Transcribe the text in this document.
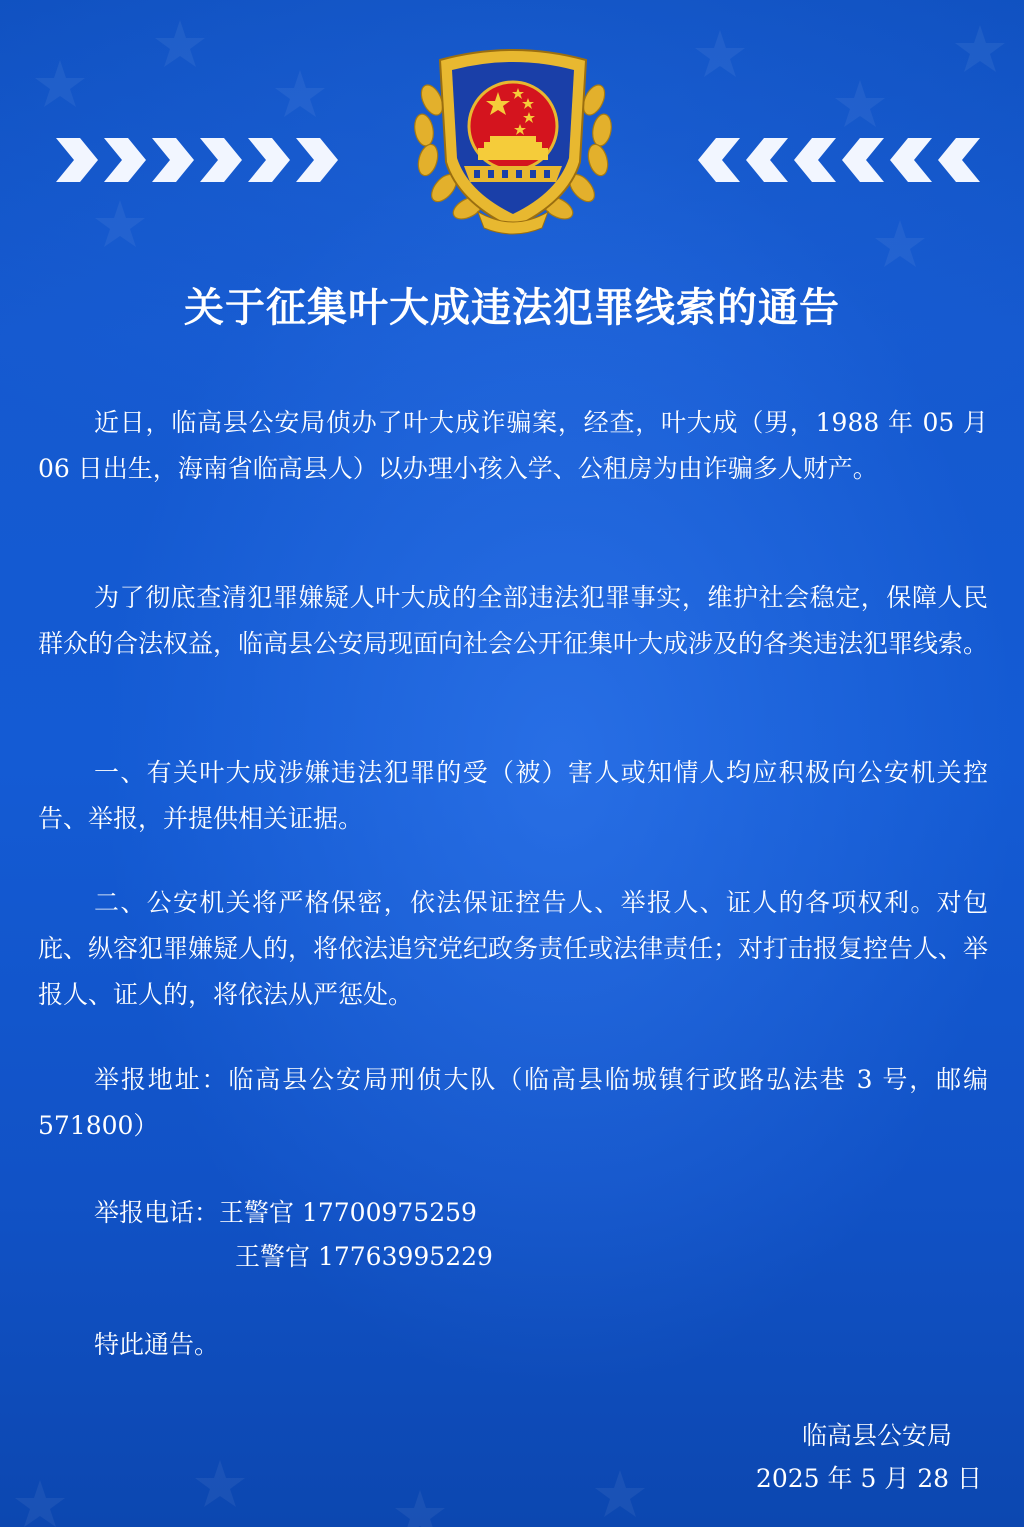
关于征集叶大成违法犯罪线索的通告

近日，临高县公安局侦办了叶大成诈骗案，经查，叶大成（男，1988 年 05 月 06 日出生，海南省临高县人）以办理小孩入学、公租房为由诈骗多人财产。

为了彻底查清犯罪嫌疑人叶大成的全部违法犯罪事实，维护社会稳定，保障人民群众的合法权益，临高县公安局现面向社会公开征集叶大成涉及的各类违法犯罪线索。

一、有关叶大成涉嫌违法犯罪的受（被）害人或知情人均应积极向公安机关控告、举报，并提供相关证据。

二、公安机关将严格保密，依法保证控告人、举报人、证人的各项权利。对包庇、纵容犯罪嫌疑人的，将依法追究党纪政务责任或法律责任；对打击报复控告人、举报人、证人的，将依法从严惩处。

举报地址：临高县公安局刑侦大队（临高县临城镇行政路弘法巷 3 号，邮编 571800）

举报电话：王警官 17700975259
王警官 17763995229
特此通告。
临高县公安局
2025 年 5 月 28 日
